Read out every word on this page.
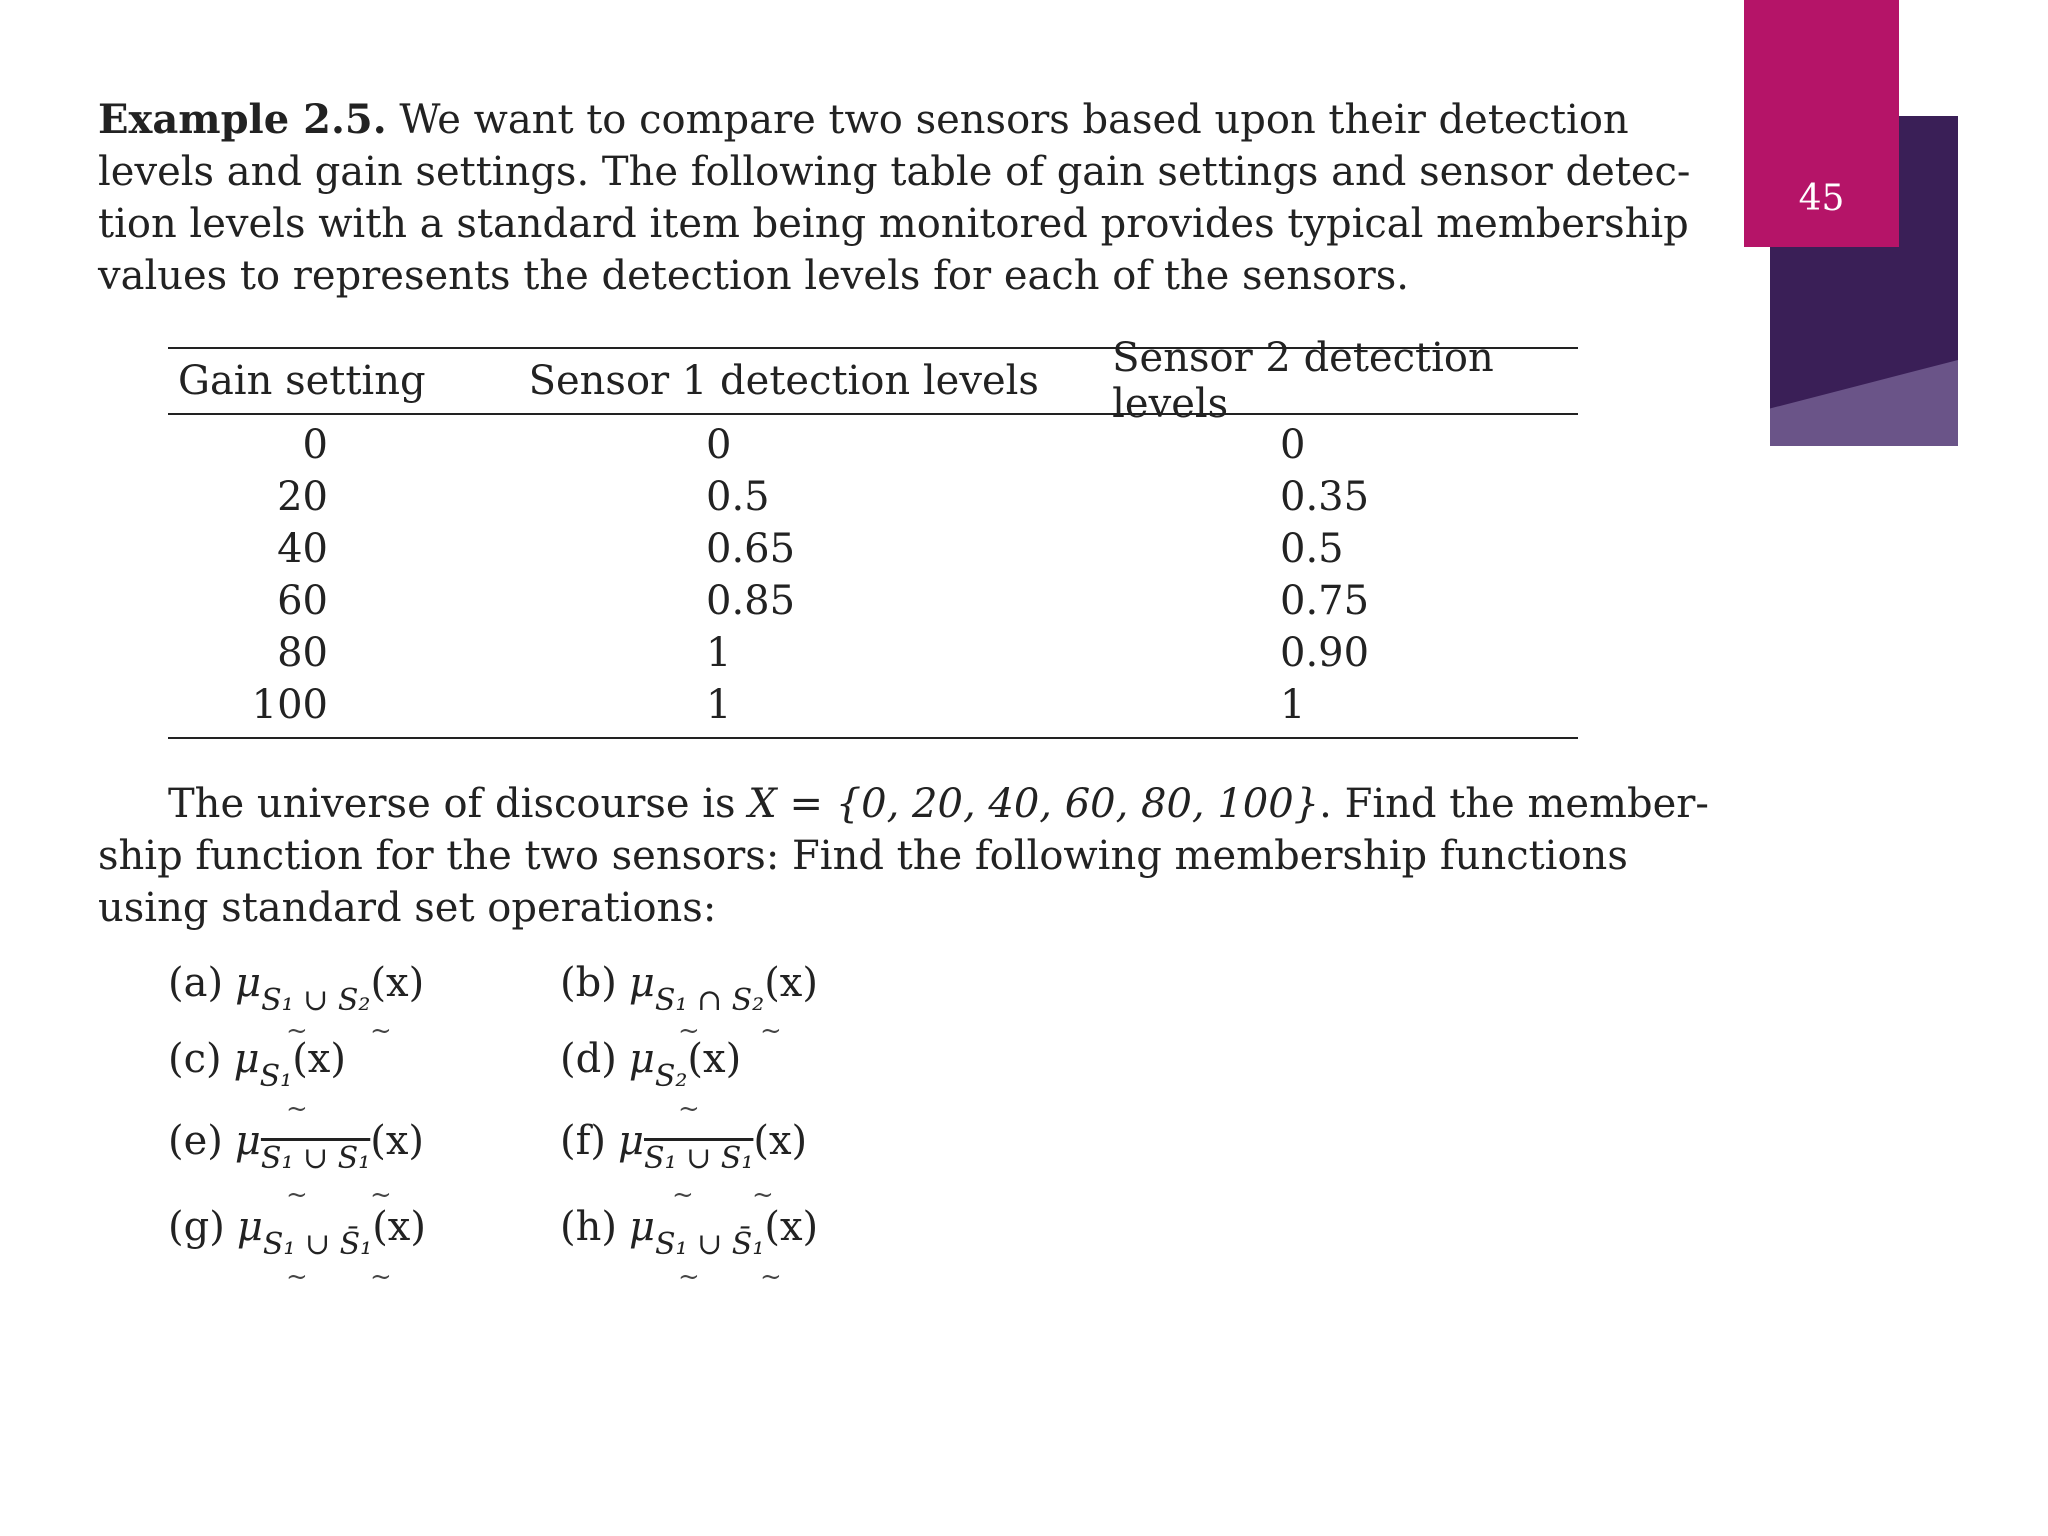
45
Example 2.5. We want to compare two sensors based upon their detection
levels and gain settings. The following table of gain settings and sensor detec-
tion levels with a standard item being monitored provides typical membership
values to represents the detection levels for each of the sensors.
Gain setting	Sensor 1 detection levels	Sensor 2 detection levels
0	0	0
20	0.5	0.35
40	0.65	0.5
60	0.85	0.75
80	1	0.90
100	1	1
The universe of discourse is X = {0, 20, 40, 60, 80, 100}. Find the member-
ship function for the two sensors: Find the following membership functions
using standard set operations:
(a) $\mu_{S_1 \cup S_2}(x)$	(b) $\mu_{S_1 \cap S_2}(x)$
(c) $\mu_{S_1}(x)$	(d) $\mu_{S_2}(x)$
(e) $\mu_{S_1 \cup S_1}(x)$	(f) $\mu_{S_1 \cup S_1}(x)$
(g) $\mu_{S_1 \cup S̄_1}(x)$	(h) $\mu_{S_1 \cup S̄_1}(x)$
~ ~	~ ~
~	~
~ ~	~ ~
~ ~	~ ~
